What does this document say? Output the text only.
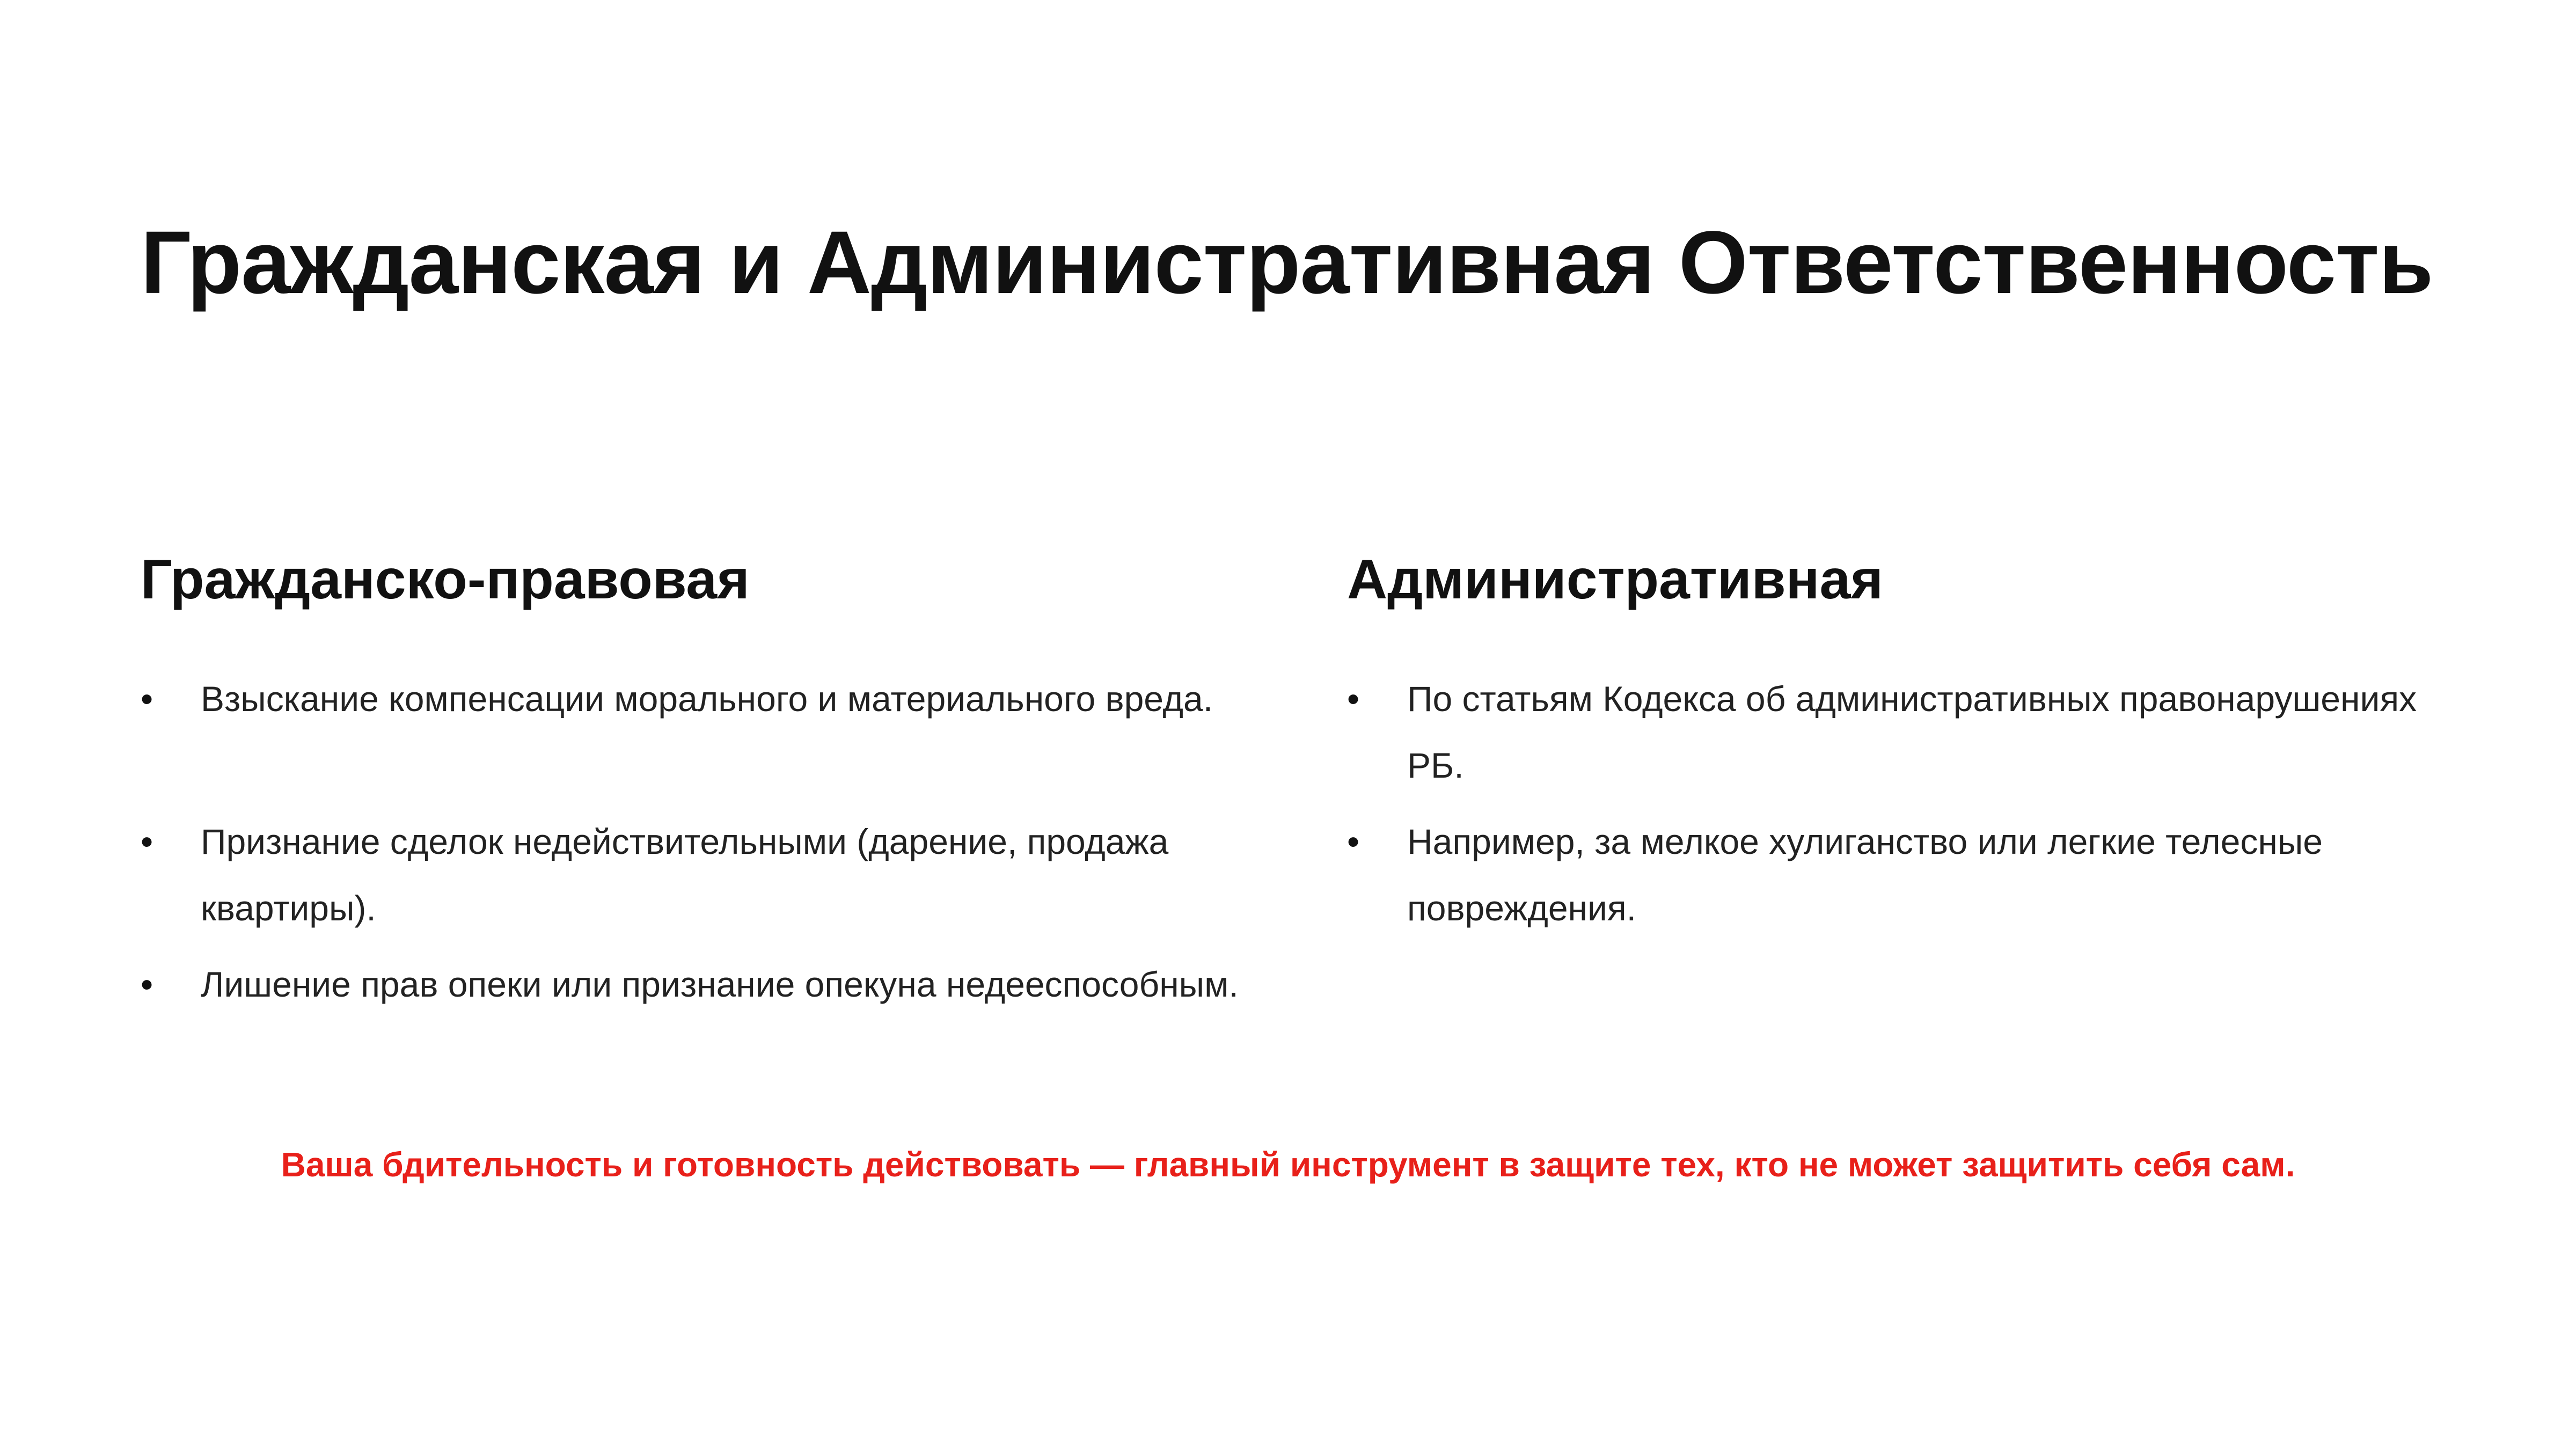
Гражданская и Административная Ответственность
Гражданско-правовая
•	Взыскание компенсации морального и материального вреда.
•	Признание сделок недействительными (дарение, продажа квартиры).
•	Лишение прав опеки или признание опекуна недееспособным.
Административная
•	По статьям Кодекса об административных правонарушениях РБ.
•	Например, за мелкое хулиганство или легкие телесные повреждения.
Ваша бдительность и готовность действовать — главный инструмент в защите тех, кто не может защитить себя сам.
